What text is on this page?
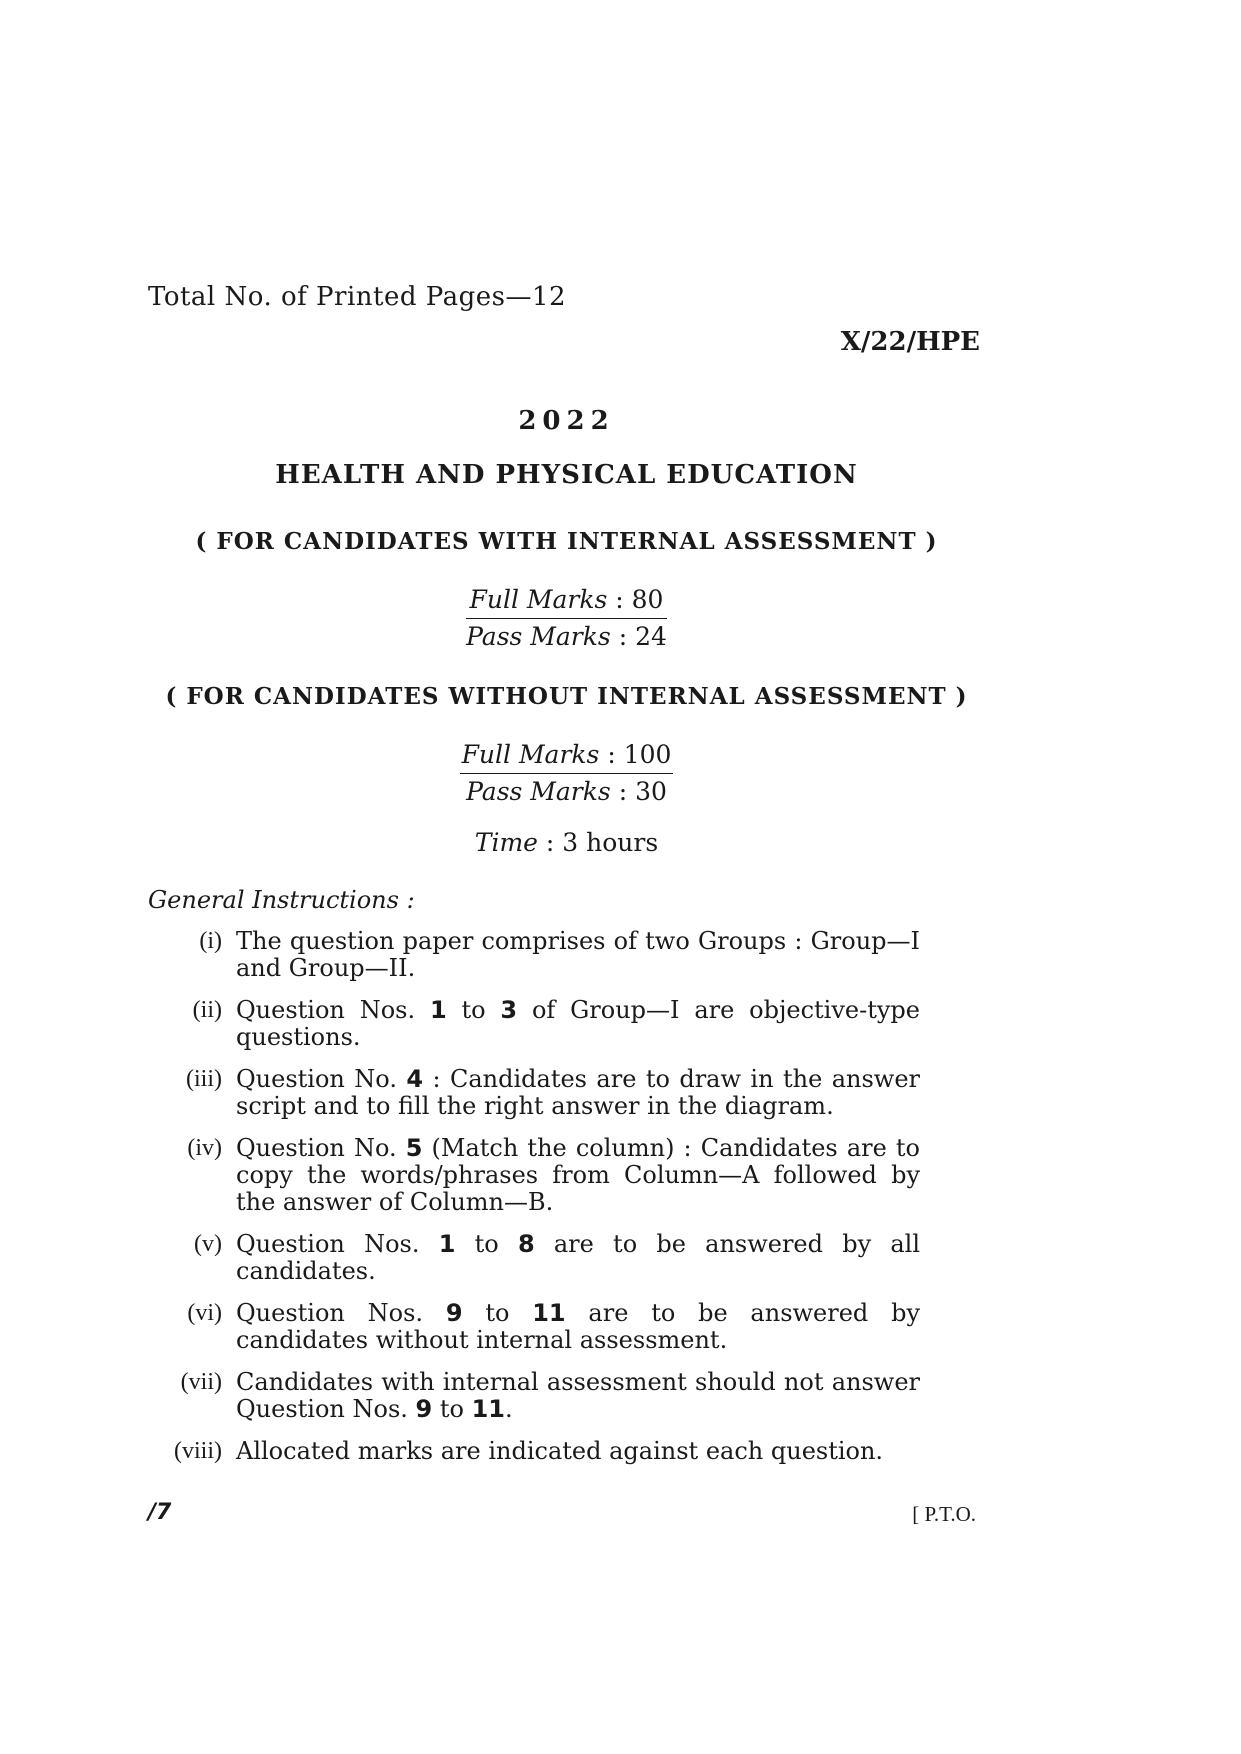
Total No. of Printed Pages—12
X/22/HPE
2022
HEALTH AND PHYSICAL EDUCATION
( FOR CANDIDATES WITH INTERNAL ASSESSMENT )
Full Marks : 80
Pass Marks : 24
( FOR CANDIDATES WITHOUT INTERNAL ASSESSMENT )
Full Marks : 100
Pass Marks : 30
Time : 3 hours
General Instructions :
(i) The question paper comprises of two Groups : Group—I and Group—II.
(ii) Question Nos. 1 to 3 of Group—I are objective-type questions.
(iii) Question No. 4 : Candidates are to draw in the answer script and to fill the right answer in the diagram.
(iv) Question No. 5 (Match the column) : Candidates are to copy the words/phrases from Column—A followed by the answer of Column—B.
(v) Question Nos. 1 to 8 are to be answered by all candidates.
(vi) Question Nos. 9 to 11 are to be answered by candidates without internal assessment.
(vii) Candidates with internal assessment should not answer Question Nos. 9 to 11.
(viii) Allocated marks are indicated against each question.
/7	[ P.T.O.
